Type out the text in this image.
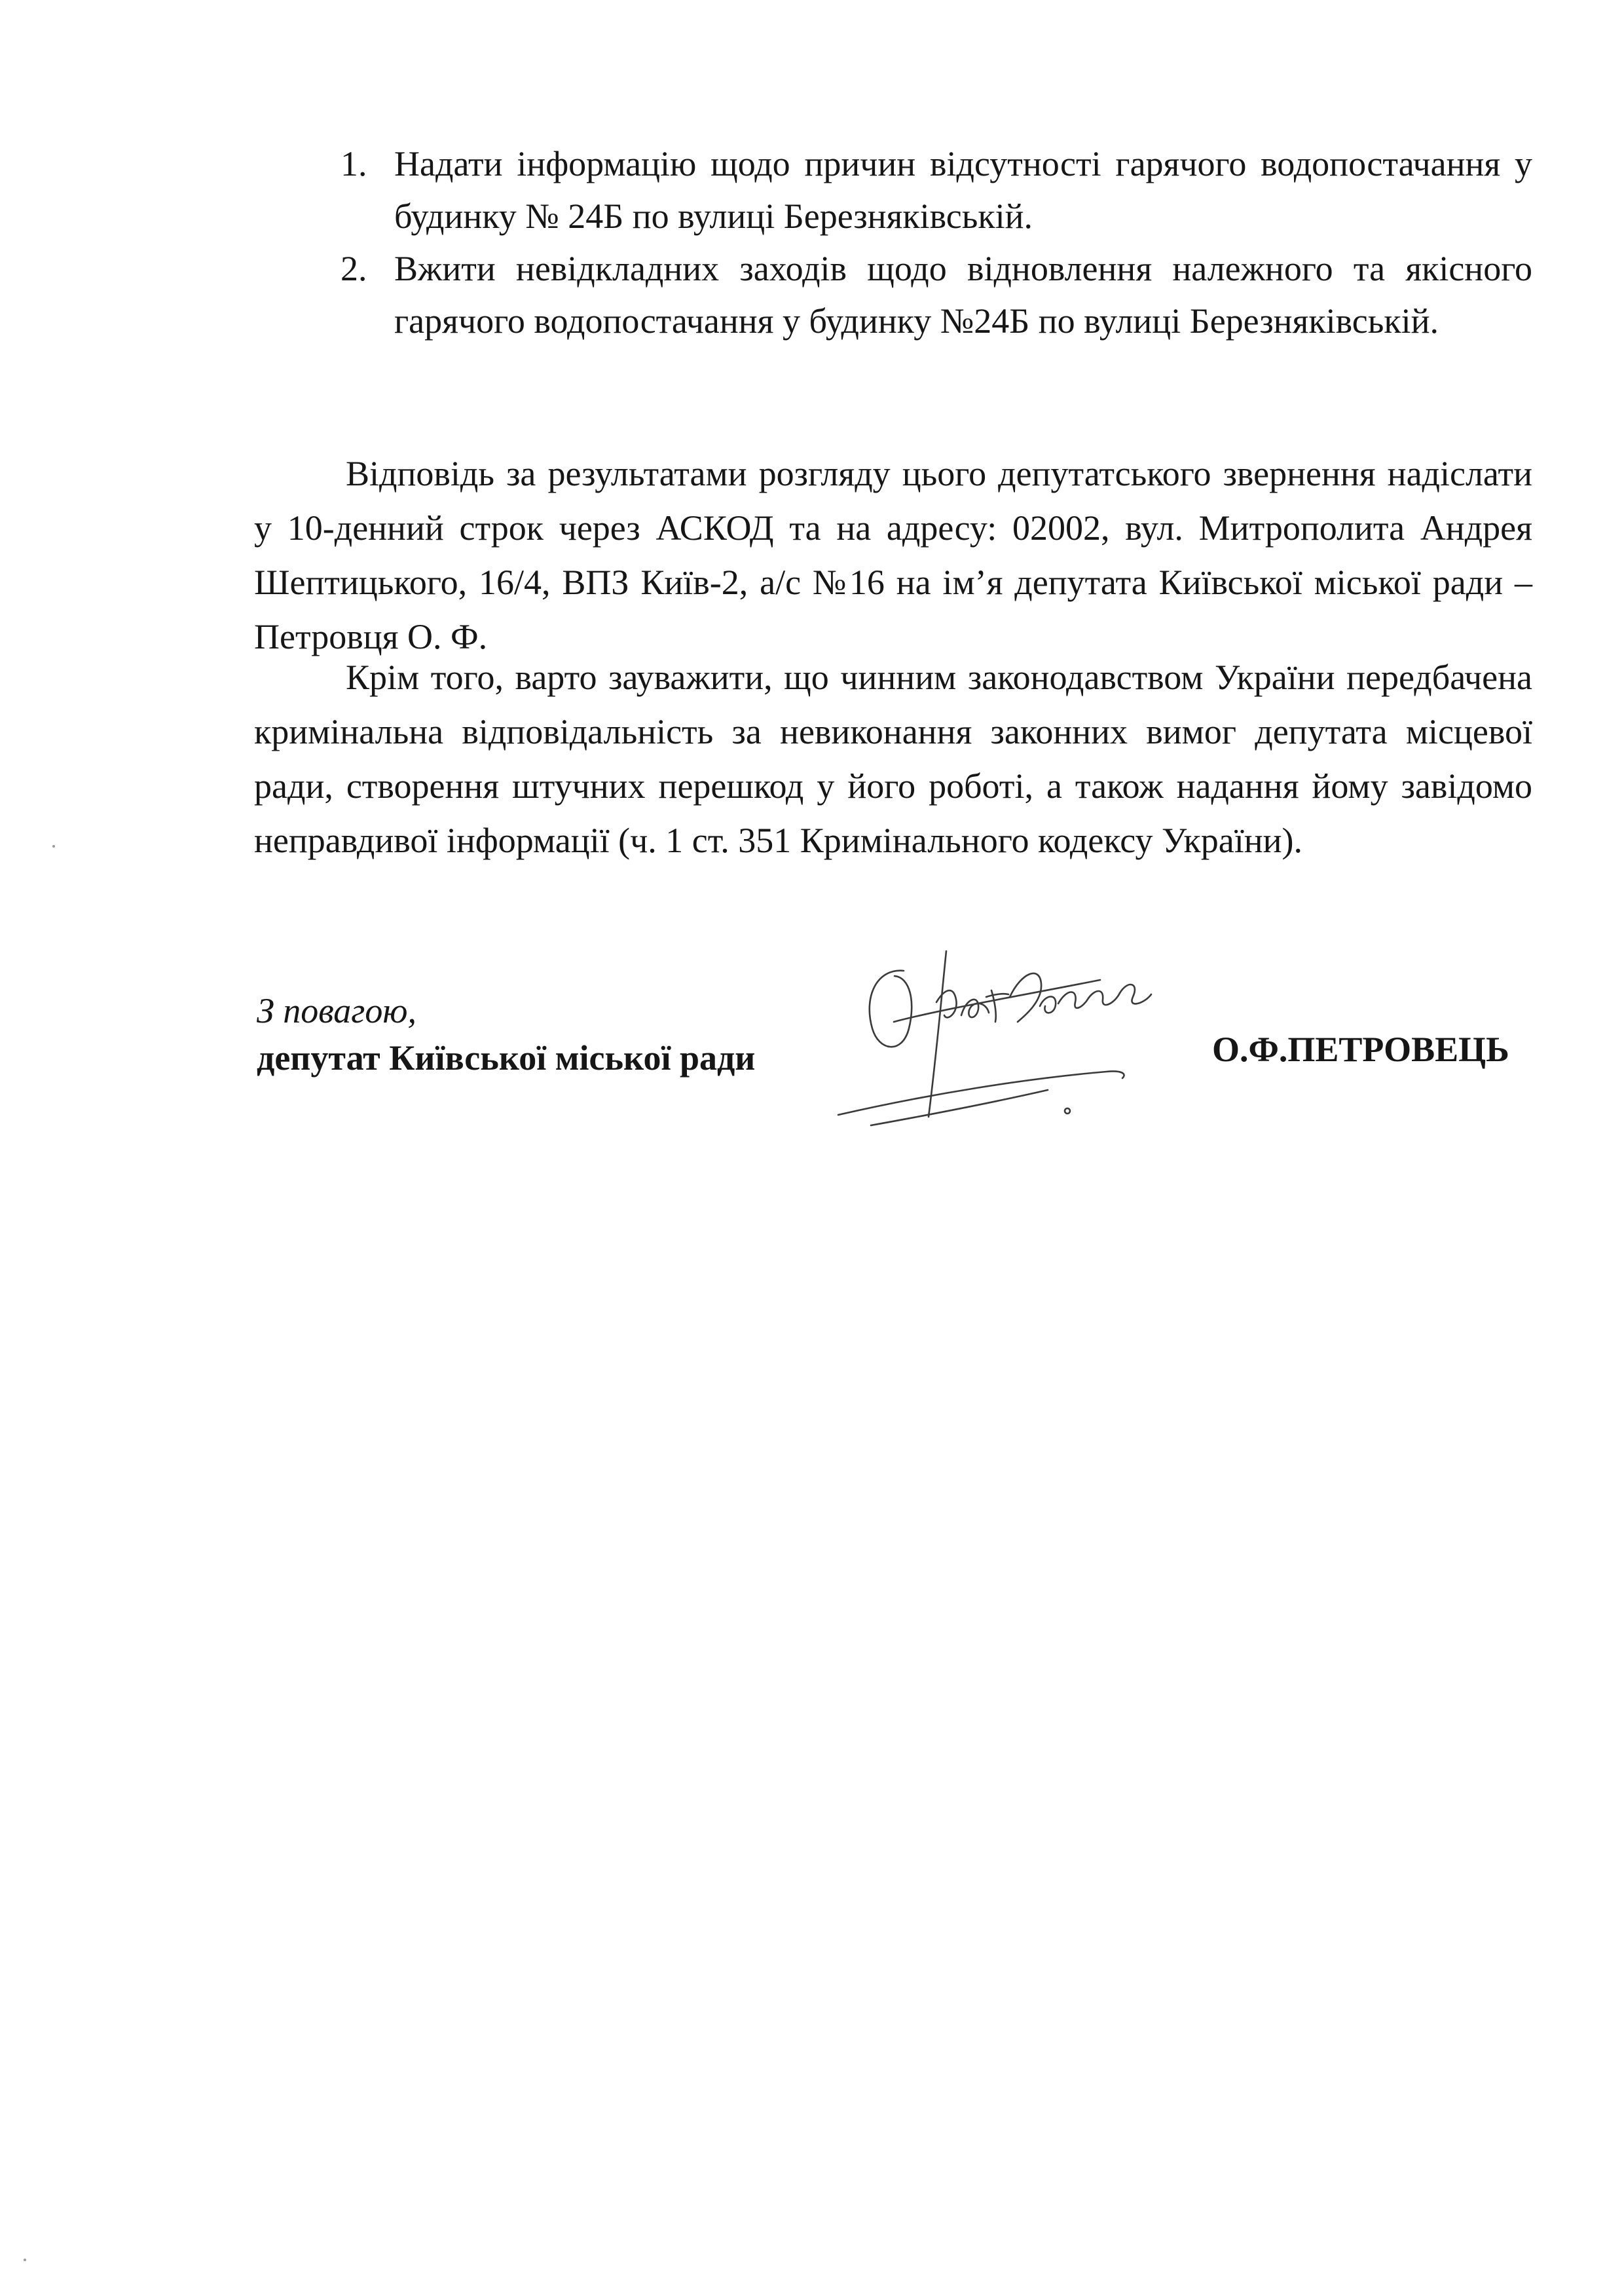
1. Надати інформацію щодо причин відсутності гарячого водопостачання у будинку № 24Б по вулиці Березняківській.
2. Вжити невідкладних заходів щодо відновлення належного та якісного гарячого водопостачання у будинку №24Б по вулиці Березняківській.

Відповідь за результатами розгляду цього депутатського звернення надіслати у 10-денний строк через АСКОД та на адресу: 02002, вул. Митрополита Андрея Шептицького, 16/4, ВПЗ Київ-2, а/с №16 на ім’я депутата Київської міської ради – Петровця О. Ф.

Крім того, варто зауважити, що чинним законодавством України передбачена кримінальна відповідальність за невиконання законних вимог депутата місцевої ради, створення штучних перешкод у його роботі, а також надання йому завідомо неправдивої інформації (ч. 1 ст. 351 Кримінального кодексу України).

З повагою,
депутат Київської міської ради	О.Ф.ПЕТРОВЕЦЬ
